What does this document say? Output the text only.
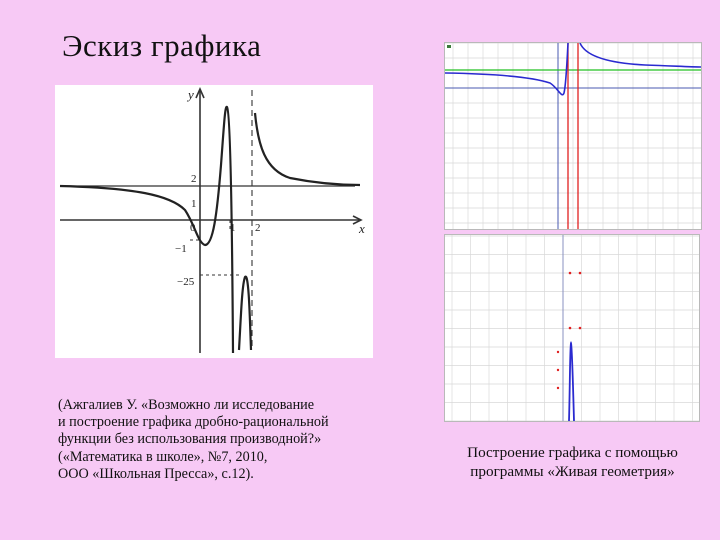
Эскиз графика
y
x
2
1
0	1 2
−1
−25
(Ажгалиев У. «Возможно ли исследование
и построение графика дробно-рациональной
функции без использования производной?»
(«Математика в школе», №7, 2010,
ООО «Школьная Пресса», с.12).
Построение графика с помощью
программы «Живая геометрия»
